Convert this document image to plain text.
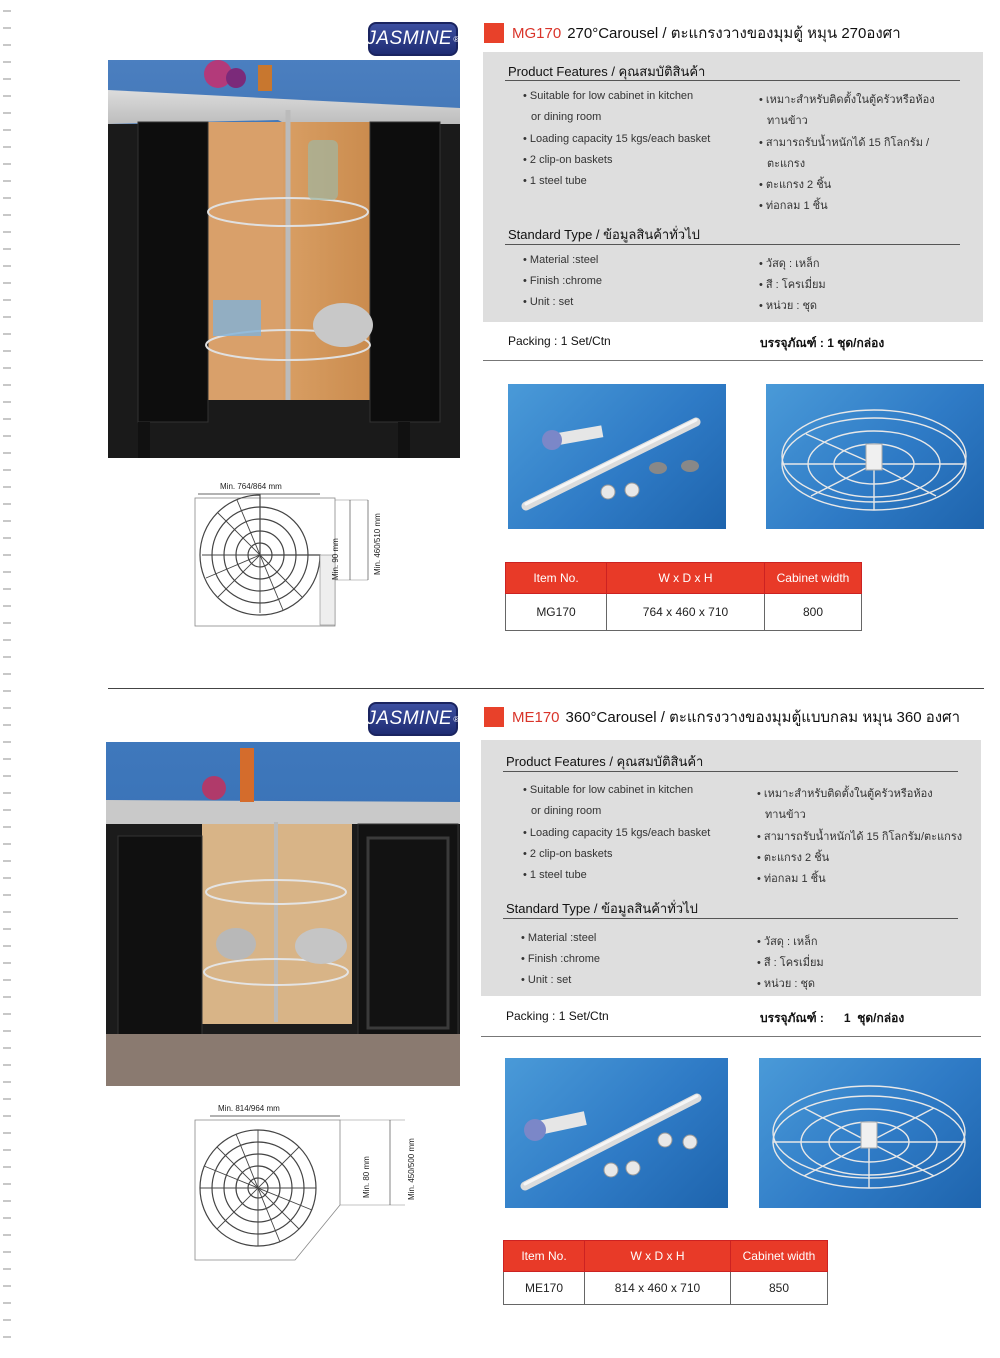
JASMINE ®	MG170 270°Carousel / ตะแกรงวางของมุมตู้ หมุน 270องศา
Min. 764/864 mm
Min. 460/510 mm
Min. 90 mm
Product Features / คุณสมบัติสินค้า
• Suitable for low cabinet in kitchen
or dining room
• Loading capacity 15 kgs/each basket
• 2 clip-on baskets
• 1 steel tube
• เหมาะสำหรับติดตั้งในตู้ครัวหรือห้อง
ทานข้าว
• สามารถรับน้ำหนักได้ 15 กิโลกรัม /
ตะแกรง
• ตะแกรง 2 ชิ้น
• ท่อกลม 1 ชิ้น
Standard Type / ข้อมูลสินค้าทั่วไป
• Material :steel
• Finish :chrome
• Unit : set
• วัสดุ : เหล็ก
• สี : โครเมี่ยม
• หน่วย : ชุด
Packing : 1 Set/Ctn	บรรจุภัณฑ์ : 1 ชุด/กล่อง
Item No.	W x D x H	Cabinet width
MG170	764 x 460 x 710	800
JASMINE ®	ME170 360°Carousel / ตะแกรงวางของมุมตู้แบบกลม หมุน 360 องศา
Min. 814/964 mm
Min. 450/500 mm
Min. 80 mm
Product Features / คุณสมบัติสินค้า
• Suitable for low cabinet in kitchen
or dining room
• Loading capacity 15 kgs/each basket
• 2 clip-on baskets
• 1 steel tube
• เหมาะสำหรับติดตั้งในตู้ครัวหรือห้อง
ทานข้าว
• สามารถรับน้ำหนักได้ 15 กิโลกรัม/ตะแกรง
• ตะแกรง 2 ชิ้น
• ท่อกลม 1 ชิ้น
Standard Type / ข้อมูลสินค้าทั่วไป
• Material :steel
• Finish :chrome
• Unit : set
• วัสดุ : เหล็ก
• สี : โครเมี่ยม
• หน่วย : ชุด
Packing : 1 Set/Ctn	บรรจุภัณฑ์ :      1  ชุด/กล่อง
Item No.	W x D x H	Cabinet width
ME170	814 x 460 x 710	850
